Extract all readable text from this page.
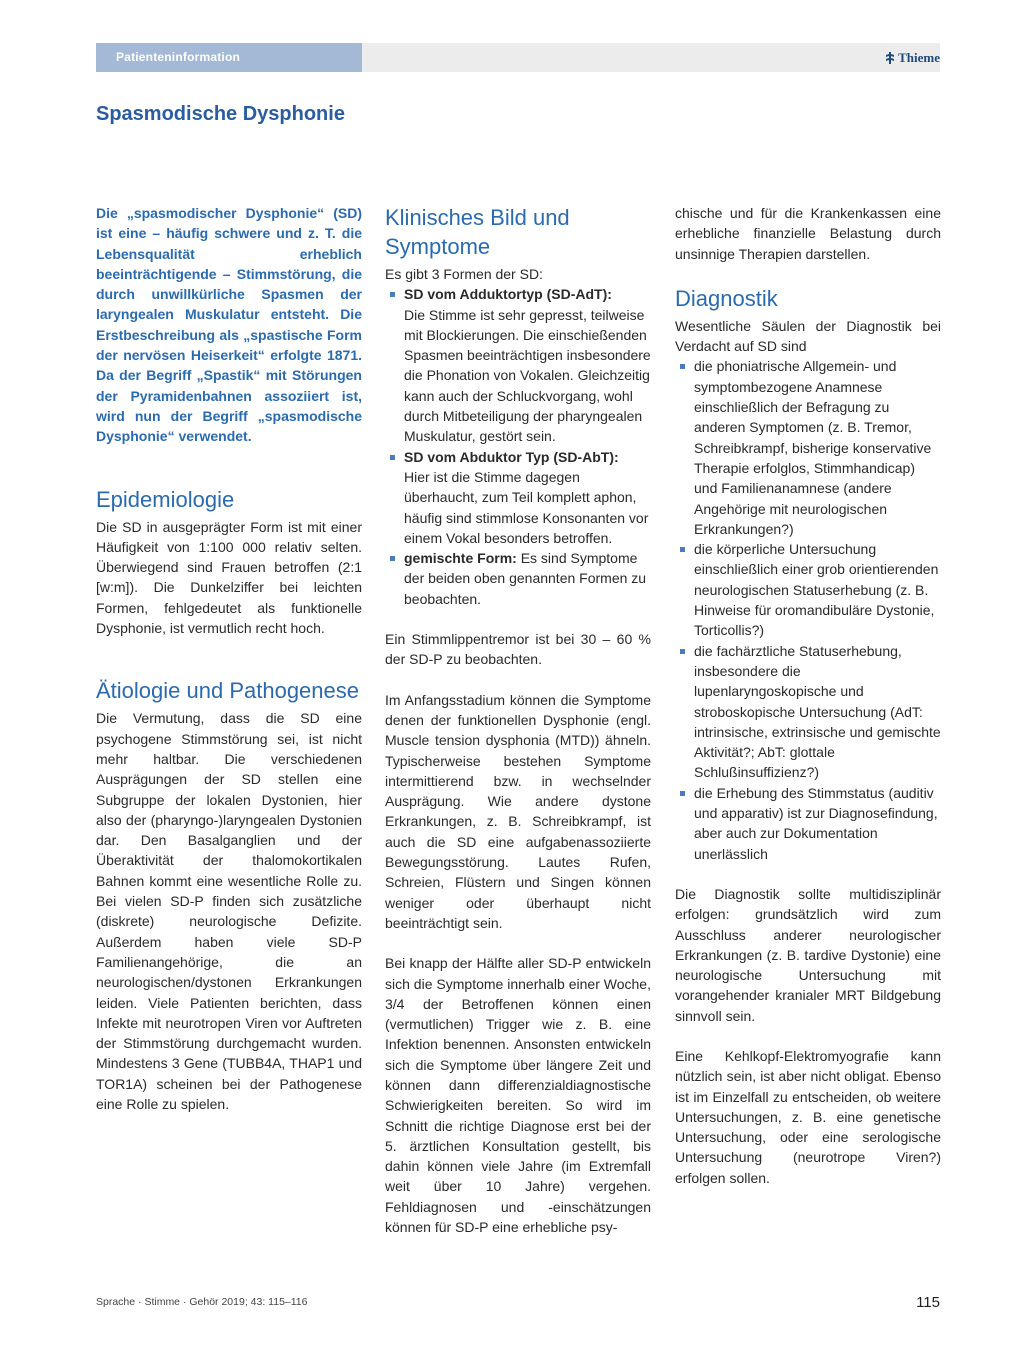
Patienteninformation	Thieme
Spasmodische Dysphonie

Die „spasmodischer Dysphonie“ (SD) ist eine – häufig schwere und z. T. die Lebensqualität erheblich beeinträchtigende – Stimmstörung, die durch unwillkürliche Spasmen der laryngealen Muskulatur entsteht. Die Erstbeschreibung als „spastische Form der nervösen Heiserkeit“ erfolgte 1871. Da der Begriff „Spastik“ mit Störungen der Pyramidenbahnen assoziiert ist, wird nun der Begriff „spasmodische Dysphonie“ verwendet.

Epidemiologie

Die SD in ausgeprägter Form ist mit einer Häufigkeit von 1:100 000 relativ selten. Überwiegend sind Frauen betroffen (2:1 [w:m]). Die Dunkelziffer bei leichten Formen, fehlgedeutet als funktionelle Dysphonie, ist vermutlich recht hoch.

Ätiologie und Pathogenese

Die Vermutung, dass die SD eine psychogene Stimmstörung sei, ist nicht mehr haltbar. Die verschiedenen Ausprägungen der SD stellen eine Subgruppe der lokalen Dystonien, hier also der (pharyngo-)laryngealen Dystonien dar. Den Basalganglien und der Überaktivität der thalomokortikalen Bahnen kommt eine wesentliche Rolle zu. Bei vielen SD-P finden sich zusätzliche (diskrete) neurologische Defizite. Außerdem haben viele SD-P Familienangehörige, die an neurologischen/dystonen Erkrankungen leiden. Viele Patienten berichten, dass Infekte mit neurotropen Viren vor Auftreten der Stimmstörung durchgemacht wurden. Mindestens 3 Gene (TUBB4A, THAP1 und TOR1A) scheinen bei der Pathogenese eine Rolle zu spielen.

Klinisches Bild und Symptome

Es gibt 3 Formen der SD:

SD vom Adduktortyp (SD-AdT):
Die Stimme ist sehr gepresst, teilweise mit Blockierungen. Die einschießenden Spasmen beeinträchtigen insbesondere die Phonation von Vokalen. Gleichzeitig kann auch der Schluckvorgang, wohl durch Mitbeteiligung der pharyngealen Muskulatur, gestört sein.
SD vom Abduktor Typ (SD-AbT):
Hier ist die Stimme dagegen überhaucht, zum Teil komplett aphon, häufig sind stimmlose Konsonanten vor einem Vokal besonders betroffen.
gemischte Form: Es sind Symptome der beiden oben genannten Formen zu beobachten.

Ein Stimmlippentremor ist bei 30 – 60 % der SD-P zu beobachten.

Im Anfangsstadium können die Symptome denen der funktionellen Dysphonie (engl. Muscle tension dysphonia (MTD)) ähneln. Typischerweise bestehen Symptome intermittierend bzw. in wechselnder Ausprägung. Wie andere dystone Erkrankungen, z. B. Schreibkrampf, ist auch die SD eine aufgabenassoziierte Bewegungsstörung. Lautes Rufen, Schreien, Flüstern und Singen können weniger oder überhaupt nicht beeinträchtigt sein.

Bei knapp der Hälfte aller SD-P entwickeln sich die Symptome innerhalb einer Woche, 3/4 der Betroffenen können einen (vermutlichen) Trigger wie z. B. eine Infektion benennen. Ansonsten entwickeln sich die Symptome über längere Zeit und können dann differenzialdiagnostische Schwierigkeiten bereiten. So wird im Schnitt die richtige Diagnose erst bei der 5. ärztlichen Konsultation gestellt, bis dahin können viele Jahre (im Extremfall weit über 10 Jahre) vergehen. Fehldiagnosen und -einschätzungen können für SD-P eine erhebliche psy-

chische und für die Krankenkassen eine erhebliche finanzielle Belastung durch unsinnige Therapien darstellen.

Diagnostik

Wesentliche Säulen der Diagnostik bei Verdacht auf SD sind

die phoniatrische Allgemein- und symptombezogene Anamnese einschließlich der Befragung zu anderen Symptomen (z. B. Tremor, Schreibkrampf, bisherige konservative Therapie erfolglos, Stimmhandicap) und Familienanamnese (andere Angehörige mit neurologischen Erkrankungen?)
die körperliche Untersuchung einschließlich einer grob orientierenden neurologischen Statuserhebung (z. B. Hinweise für oromandibuläre Dystonie, Torticollis?)
die fachärztliche Statuserhebung, insbesondere die lupenlaryngoskopische und stroboskopische Untersuchung (AdT: intrinsische, extrinsische und gemischte Aktivität?; AbT: glottale Schlußinsuffizienz?)
die Erhebung des Stimmstatus (auditiv und apparativ) ist zur Diagnosefindung, aber auch zur Dokumentation unerlässlich

Die Diagnostik sollte multidisziplinär erfolgen: grundsätzlich wird zum Ausschluss anderer neurologischer Erkrankungen (z. B. tardive Dystonie) eine neurologische Untersuchung mit vorangehender kranialer MRT Bildgebung sinnvoll sein.

Eine Kehlkopf-Elektromyografie kann nützlich sein, ist aber nicht obligat. Ebenso ist im Einzelfall zu entscheiden, ob weitere Untersuchungen, z. B. eine genetische Untersuchung, oder eine serologische Untersuchung (neurotrope Viren?) erfolgen sollen.

Sprache · Stimme · Gehör 2019; 43: 115–116	115
